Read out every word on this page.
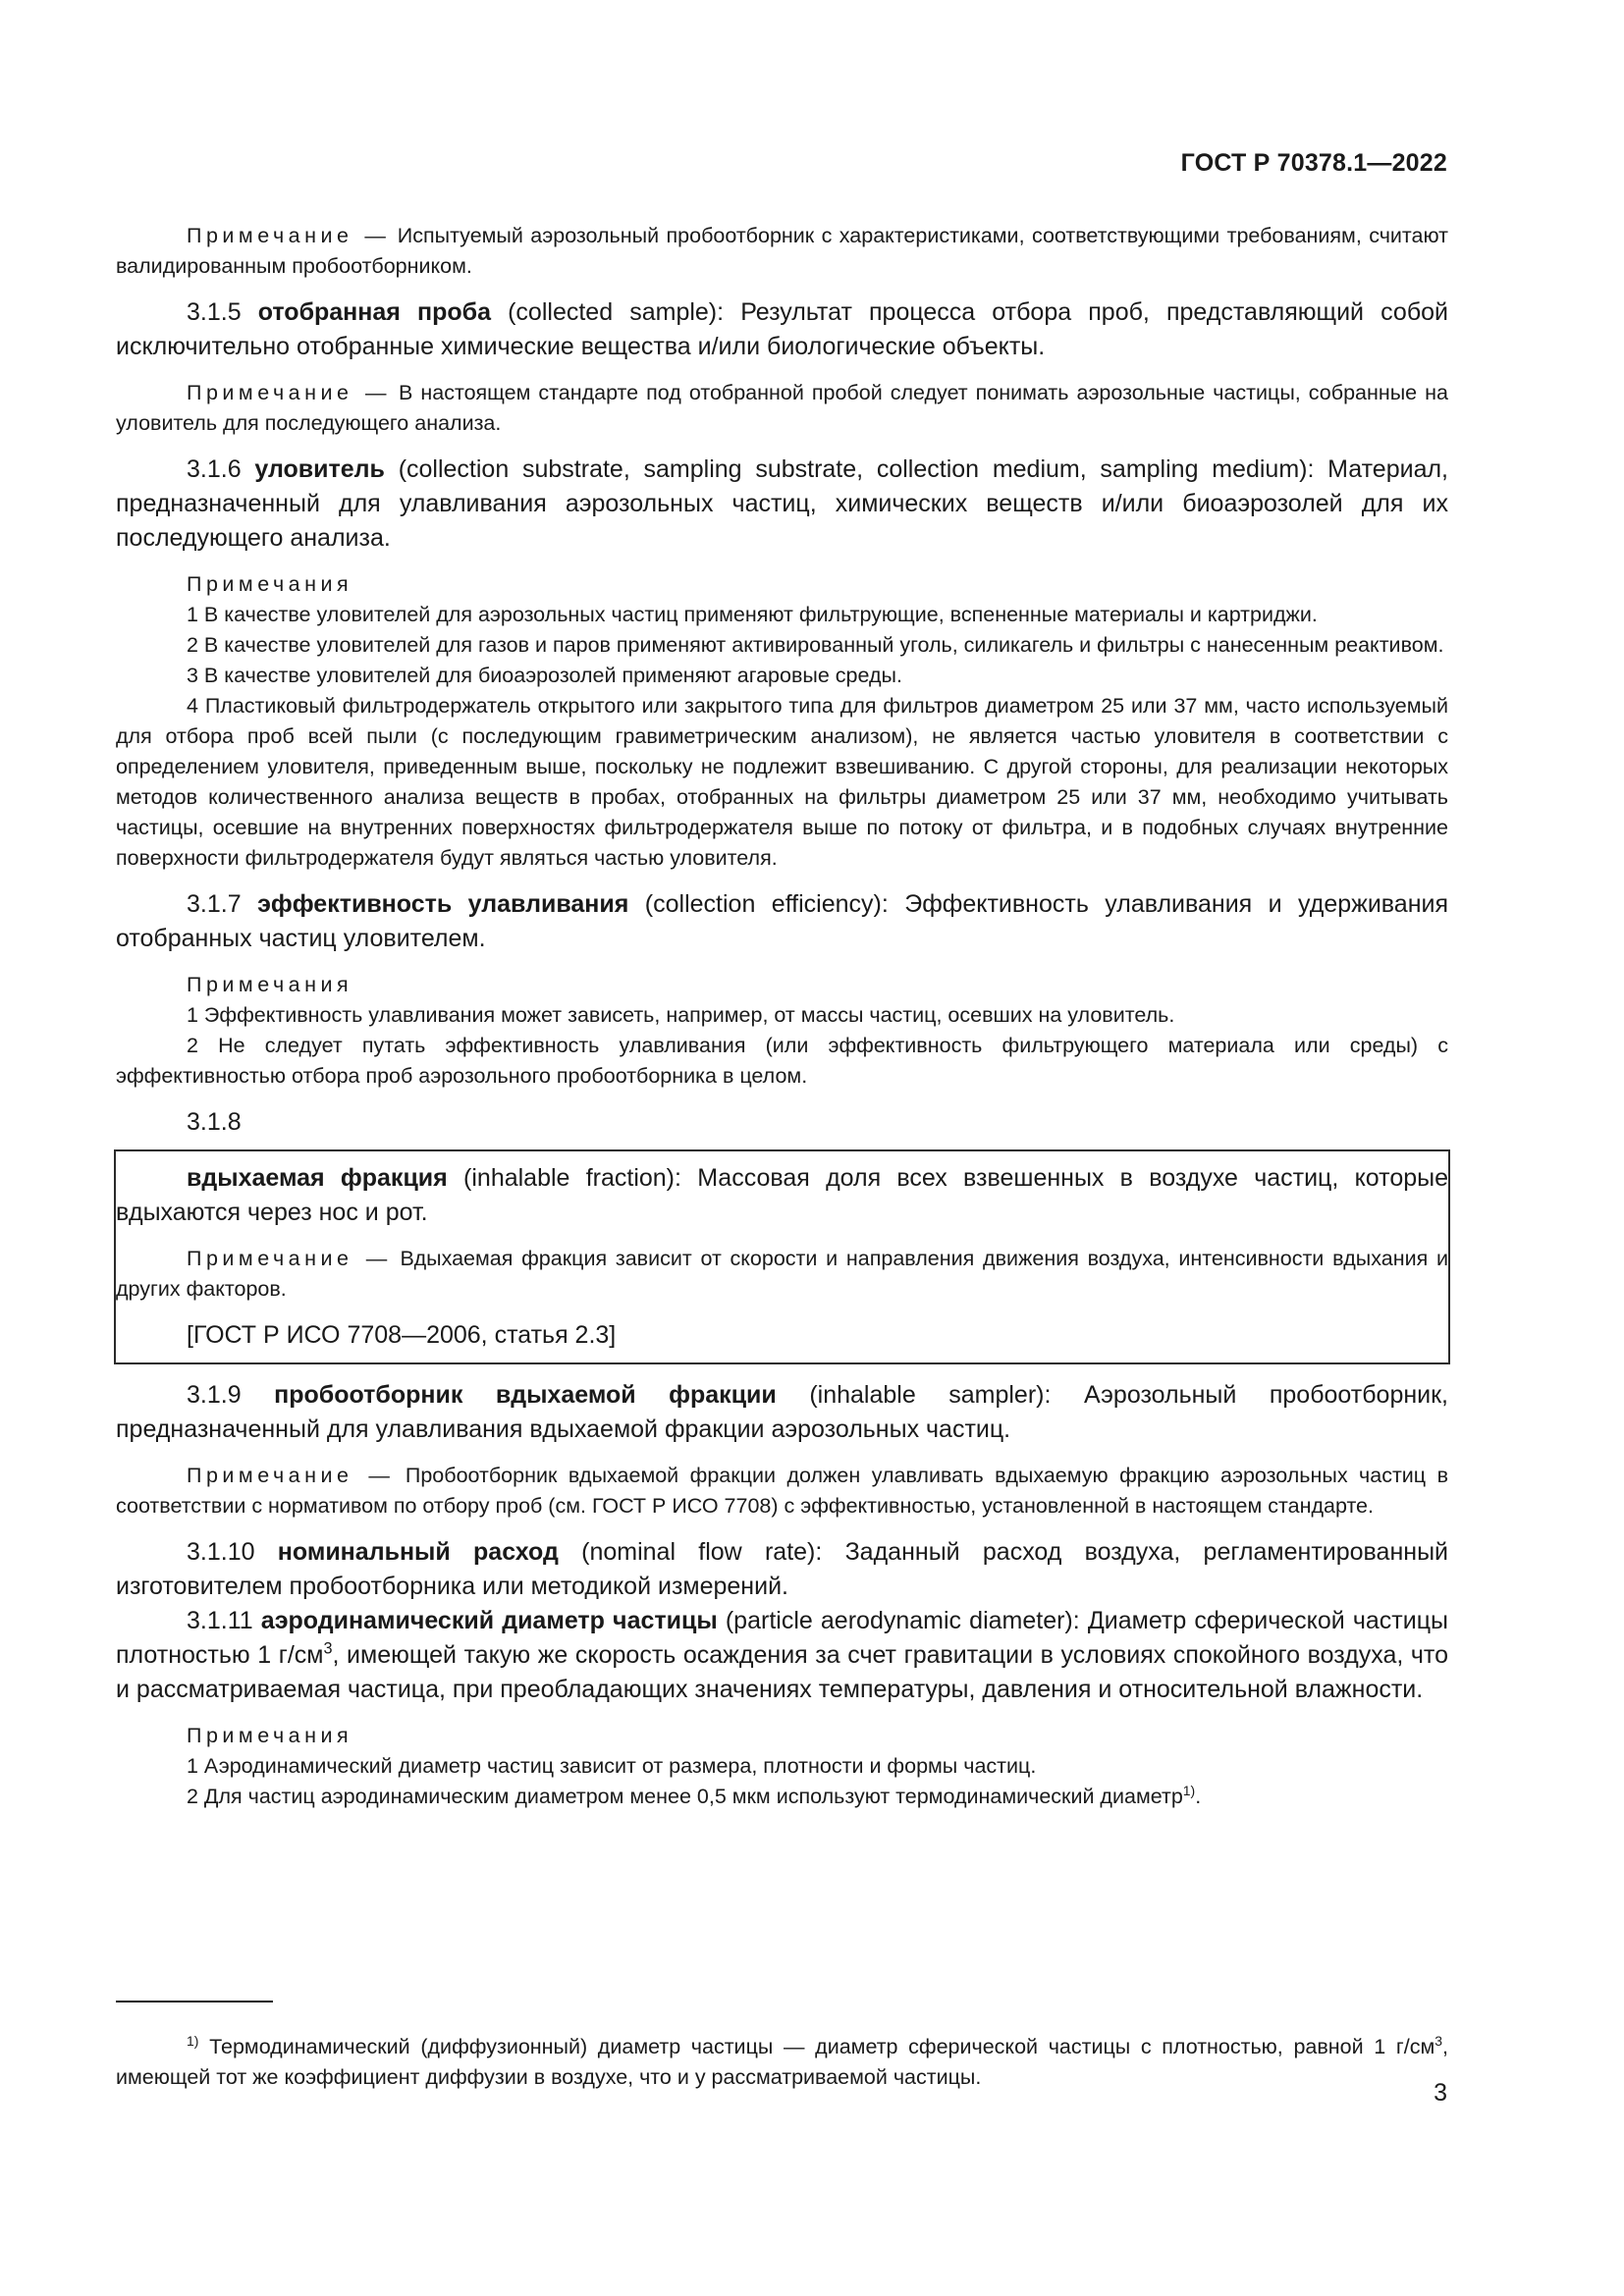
ГОСТ Р 70378.1—2022

Примечание — Испытуемый аэрозольный пробоотборник с характеристиками, соответствующими требованиям, считают валидированным пробоотборником.

3.1.5 отобранная проба (collected sample): Результат процесса отбора проб, представляющий собой исключительно отобранные химические вещества и/или биологические объекты.

Примечание — В настоящем стандарте под отобранной пробой следует понимать аэрозольные частицы, собранные на уловитель для последующего анализа.

3.1.6 уловитель (collection substrate, sampling substrate, collection medium, sampling medium): Материал, предназначенный для улавливания аэрозольных частиц, химических веществ и/или биоаэрозолей для их последующего анализа.

Примечания

1 В качестве уловителей для аэрозольных частиц применяют фильтрующие, вспененные материалы и картриджи.

2 В качестве уловителей для газов и паров применяют активированный уголь, силикагель и фильтры с нанесенным реактивом.

3 В качестве уловителей для биоаэрозолей применяют агаровые среды.

4 Пластиковый фильтродержатель открытого или закрытого типа для фильтров диаметром 25 или 37 мм, часто используемый для отбора проб всей пыли (с последующим гравиметрическим анализом), не является частью уловителя в соответствии с определением уловителя, приведенным выше, поскольку не подлежит взвешиванию. С другой стороны, для реализации некоторых методов количественного анализа веществ в пробах, отобранных на фильтры диаметром 25 или 37 мм, необходимо учитывать частицы, осевшие на внутренних поверхностях фильтродержателя выше по потоку от фильтра, и в подобных случаях внутренние поверхности фильтродержателя будут являться частью уловителя.

3.1.7 эффективность улавливания (collection efficiency): Эффективность улавливания и удерживания отобранных частиц уловителем.

Примечания

1 Эффективность улавливания может зависеть, например, от массы частиц, осевших на уловитель.

2 Не следует путать эффективность улавливания (или эффективность фильтрующего материала или среды) с эффективностью отбора проб аэрозольного пробоотборника в целом.

3.1.8

вдыхаемая фракция (inhalable fraction): Массовая доля всех взвешенных в воздухе частиц, которые вдыхаются через нос и рот.

Примечание — Вдыхаемая фракция зависит от скорости и направления движения воздуха, интенсивности вдыхания и других факторов.

[ГОСТ Р ИСО 7708—2006, статья 2.3]

3.1.9 пробоотборник вдыхаемой фракции (inhalable sampler): Аэрозольный пробоотборник, предназначенный для улавливания вдыхаемой фракции аэрозольных частиц.

Примечание — Пробоотборник вдыхаемой фракции должен улавливать вдыхаемую фракцию аэрозольных частиц в соответствии с нормативом по отбору проб (см. ГОСТ Р ИСО 7708) с эффективностью, установленной в настоящем стандарте.

3.1.10 номинальный расход (nominal flow rate): Заданный расход воздуха, регламентированный изготовителем пробоотборника или методикой измерений.

3.1.11 аэродинамический диаметр частицы (particle aerodynamic diameter): Диаметр сферической частицы плотностью 1 $г/см^3$, имеющей такую же скорость осаждения за счет гравитации в условиях спокойного воздуха, что и рассматриваемая частица, при преобладающих значениях температуры, давления и относительной влажности.

Примечания

1 Аэродинамический диаметр частиц зависит от размера, плотности и формы частиц.

2 Для частиц аэродинамическим диаметром менее 0,5 мкм используют термодинамический диаметр$^{1)}$.

$^{1)}$ Термодинамический (диффузионный) диаметр частицы — диаметр сферической частицы с плотностью, равной 1 $г/см^3$, имеющей тот же коэффициент диффузии в воздухе, что и у рассматриваемой частицы.

3
